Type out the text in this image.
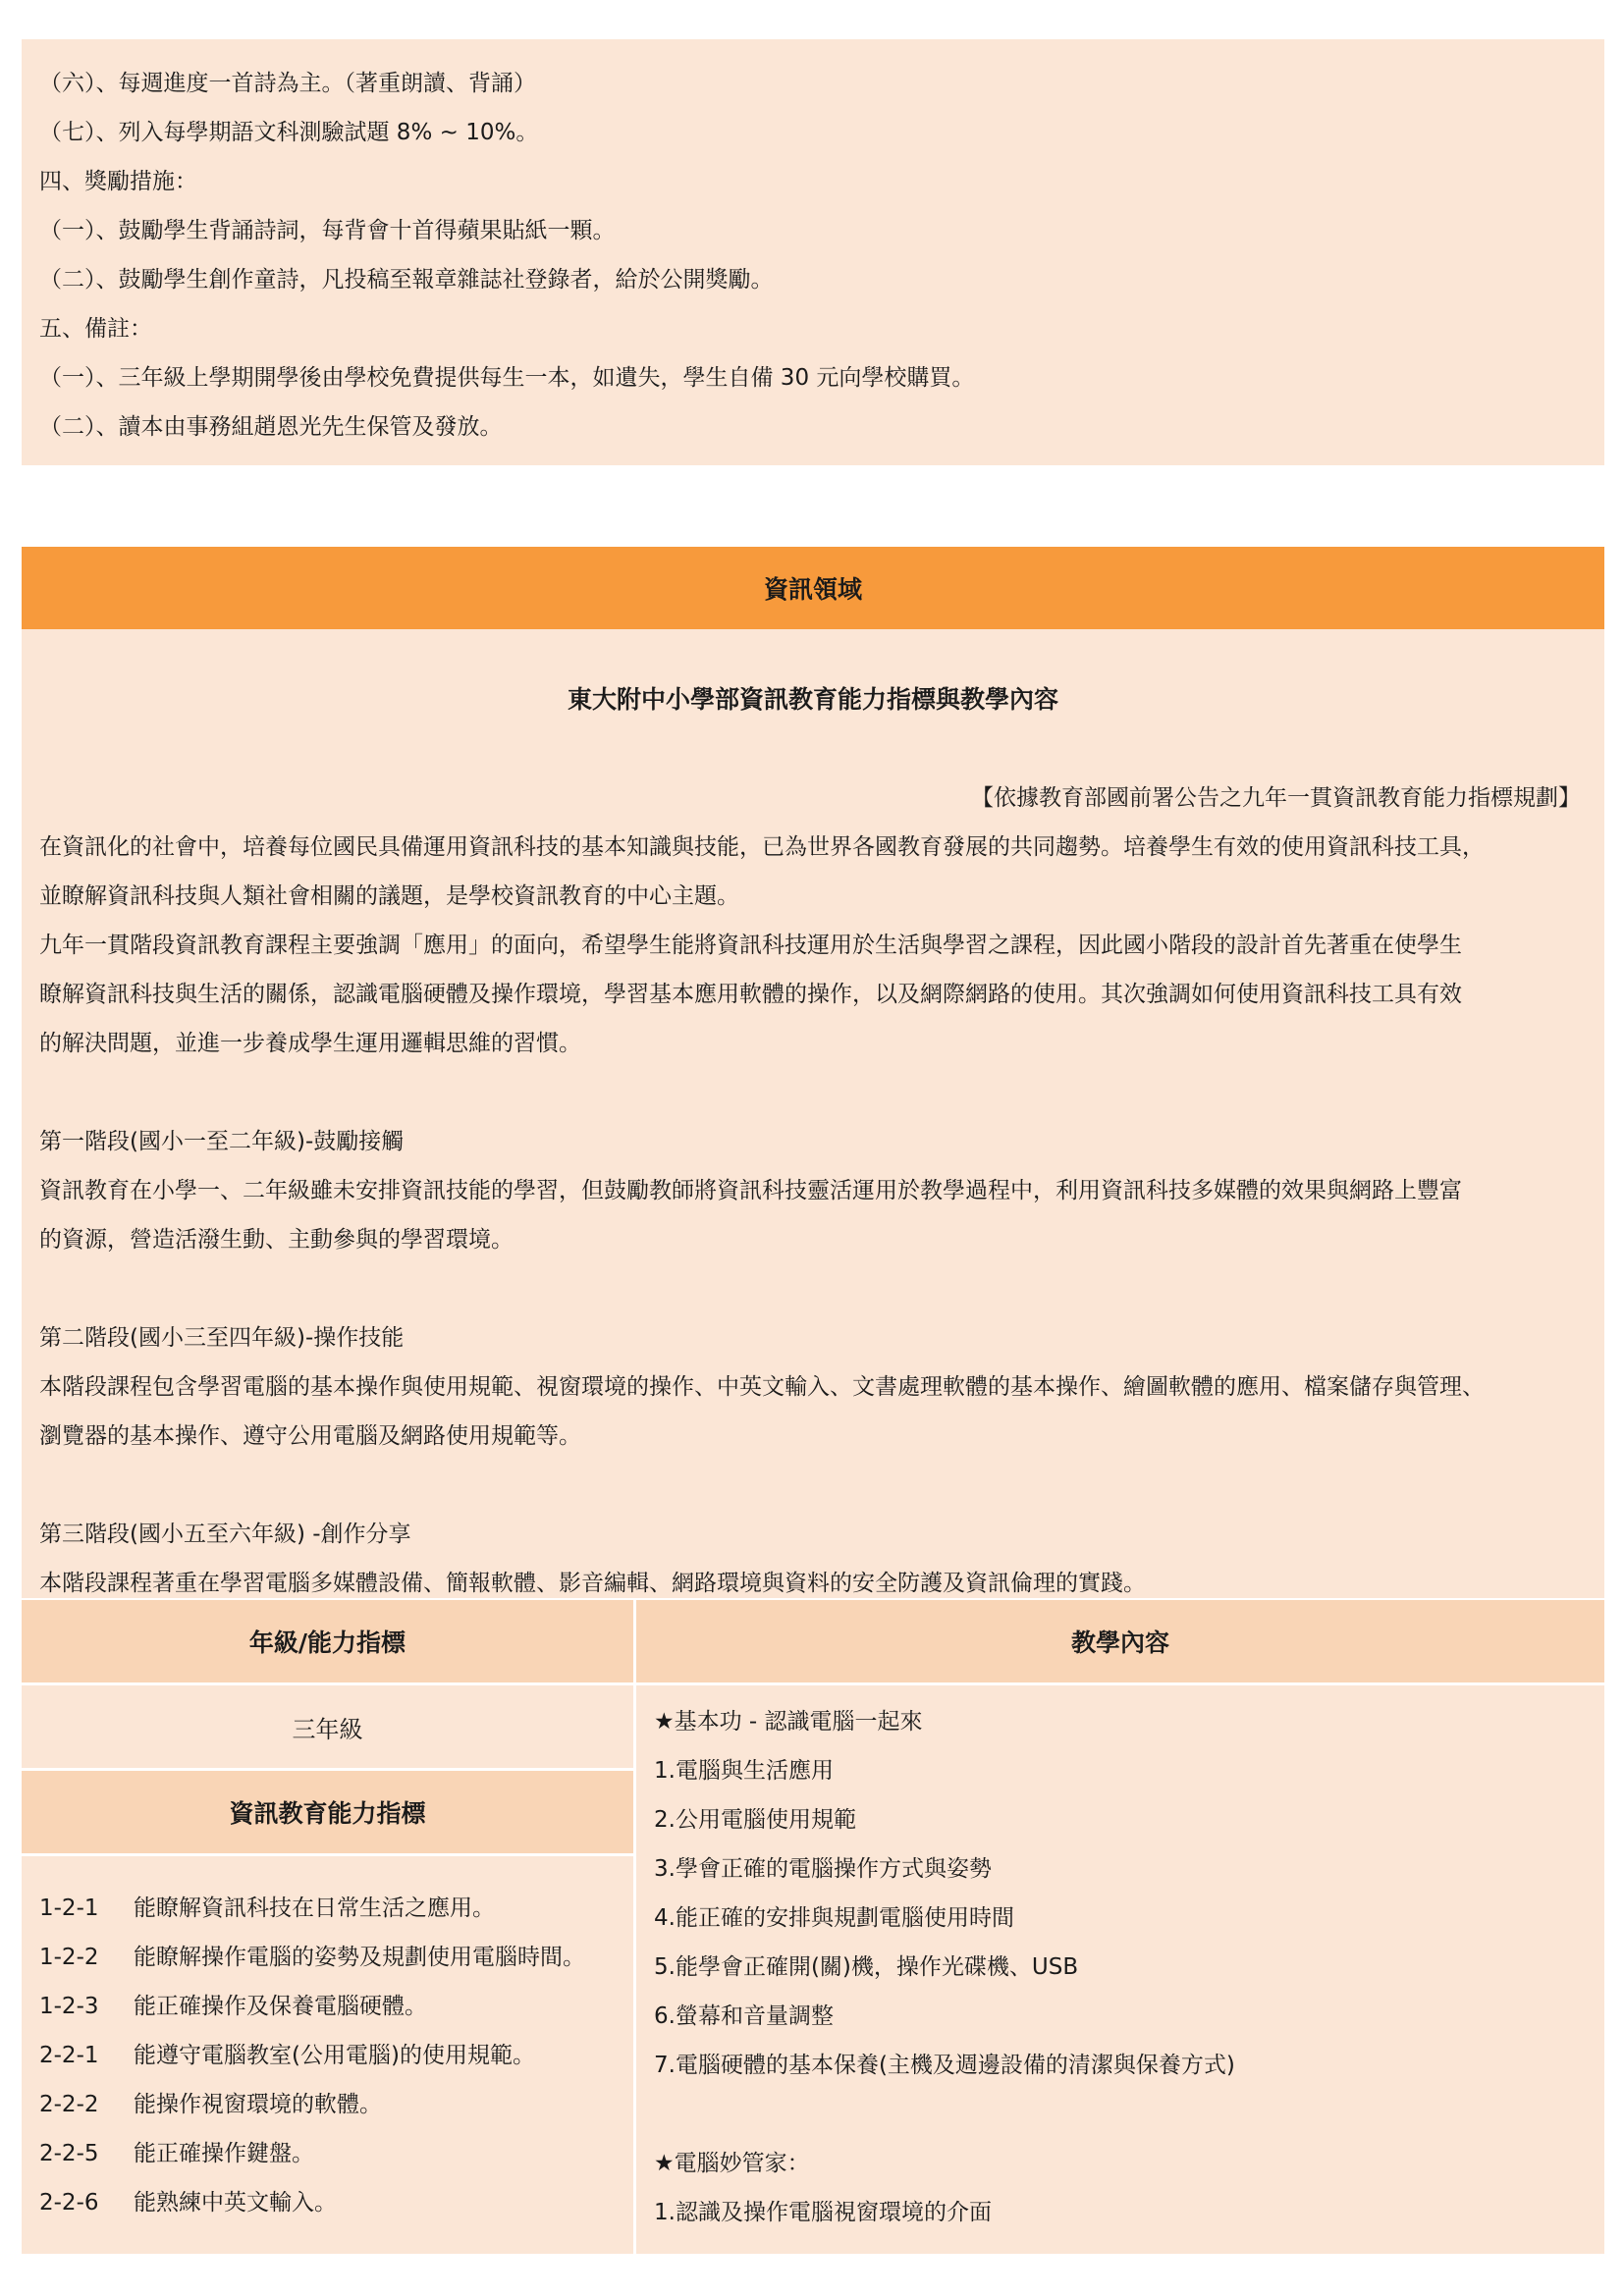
（六）、每週進度一首詩為主。（著重朗讀、背誦）

（七）、列入每學期語文科測驗試題 8% ~ 10%。

四、獎勵措施：

（一）、鼓勵學生背誦詩詞，每背會十首得蘋果貼紙一顆。

（二）、鼓勵學生創作童詩，凡投稿至報章雜誌社登錄者，給於公開獎勵。

五、備註：

（一）、三年級上學期開學後由學校免費提供每生一本，如遺失，學生自備 30 元向學校購買。

（二）、讀本由事務組趙恩光先生保管及發放。

資訊領域
東大附中小學部資訊教育能力指標與教學內容
【依據教育部國前署公告之九年一貫資訊教育能力指標規劃】

在資訊化的社會中，培養每位國民具備運用資訊科技的基本知識與技能，已為世界各國教育發展的共同趨勢。培養學生有效的使用資訊科技工具，

並瞭解資訊科技與人類社會相關的議題，是學校資訊教育的中心主題。

九年一貫階段資訊教育課程主要強調「應用」的面向，希望學生能將資訊科技運用於生活與學習之課程，因此國小階段的設計首先著重在使學生

瞭解資訊科技與生活的關係，認識電腦硬體及操作環境，學習基本應用軟體的操作，以及網際網路的使用。其次強調如何使用資訊科技工具有效

的解決問題，並進一步養成學生運用邏輯思維的習慣。

第一階段(國小一至二年級)-鼓勵接觸

資訊教育在小學一、二年級雖未安排資訊技能的學習，但鼓勵教師將資訊科技靈活運用於教學過程中，利用資訊科技多媒體的效果與網路上豐富

的資源，營造活潑生動、主動參與的學習環境。

第二階段(國小三至四年級)-操作技能

本階段課程包含學習電腦的基本操作與使用規範、視窗環境的操作、中英文輸入、文書處理軟體的基本操作、繪圖軟體的應用、檔案儲存與管理、

瀏覽器的基本操作、遵守公用電腦及網路使用規範等。

第三階段(國小五至六年級) -創作分享

本階段課程著重在學習電腦多媒體設備、簡報軟體、影音編輯、網路環境與資料的安全防護及資訊倫理的實踐。

年級/能力指標	教學內容
三年級
資訊教育能力指標
1-2-1	能瞭解資訊科技在日常生活之應用。
1-2-2	能瞭解操作電腦的姿勢及規劃使用電腦時間。
1-2-3	能正確操作及保養電腦硬體。
2-2-1	能遵守電腦教室(公用電腦)的使用規範。
2-2-2	能操作視窗環境的軟體。
2-2-5	能正確操作鍵盤。
2-2-6	能熟練中英文輸入。

★基本功 - 認識電腦一起來

1.電腦與生活應用

2.公用電腦使用規範

3.學會正確的電腦操作方式與姿勢

4.能正確的安排與規劃電腦使用時間

5.能學會正確開(關)機，操作光碟機、USB

6.螢幕和音量調整

7.電腦硬體的基本保養(主機及週邊設備的清潔與保養方式)

★電腦妙管家：

1.認識及操作電腦視窗環境的介面
